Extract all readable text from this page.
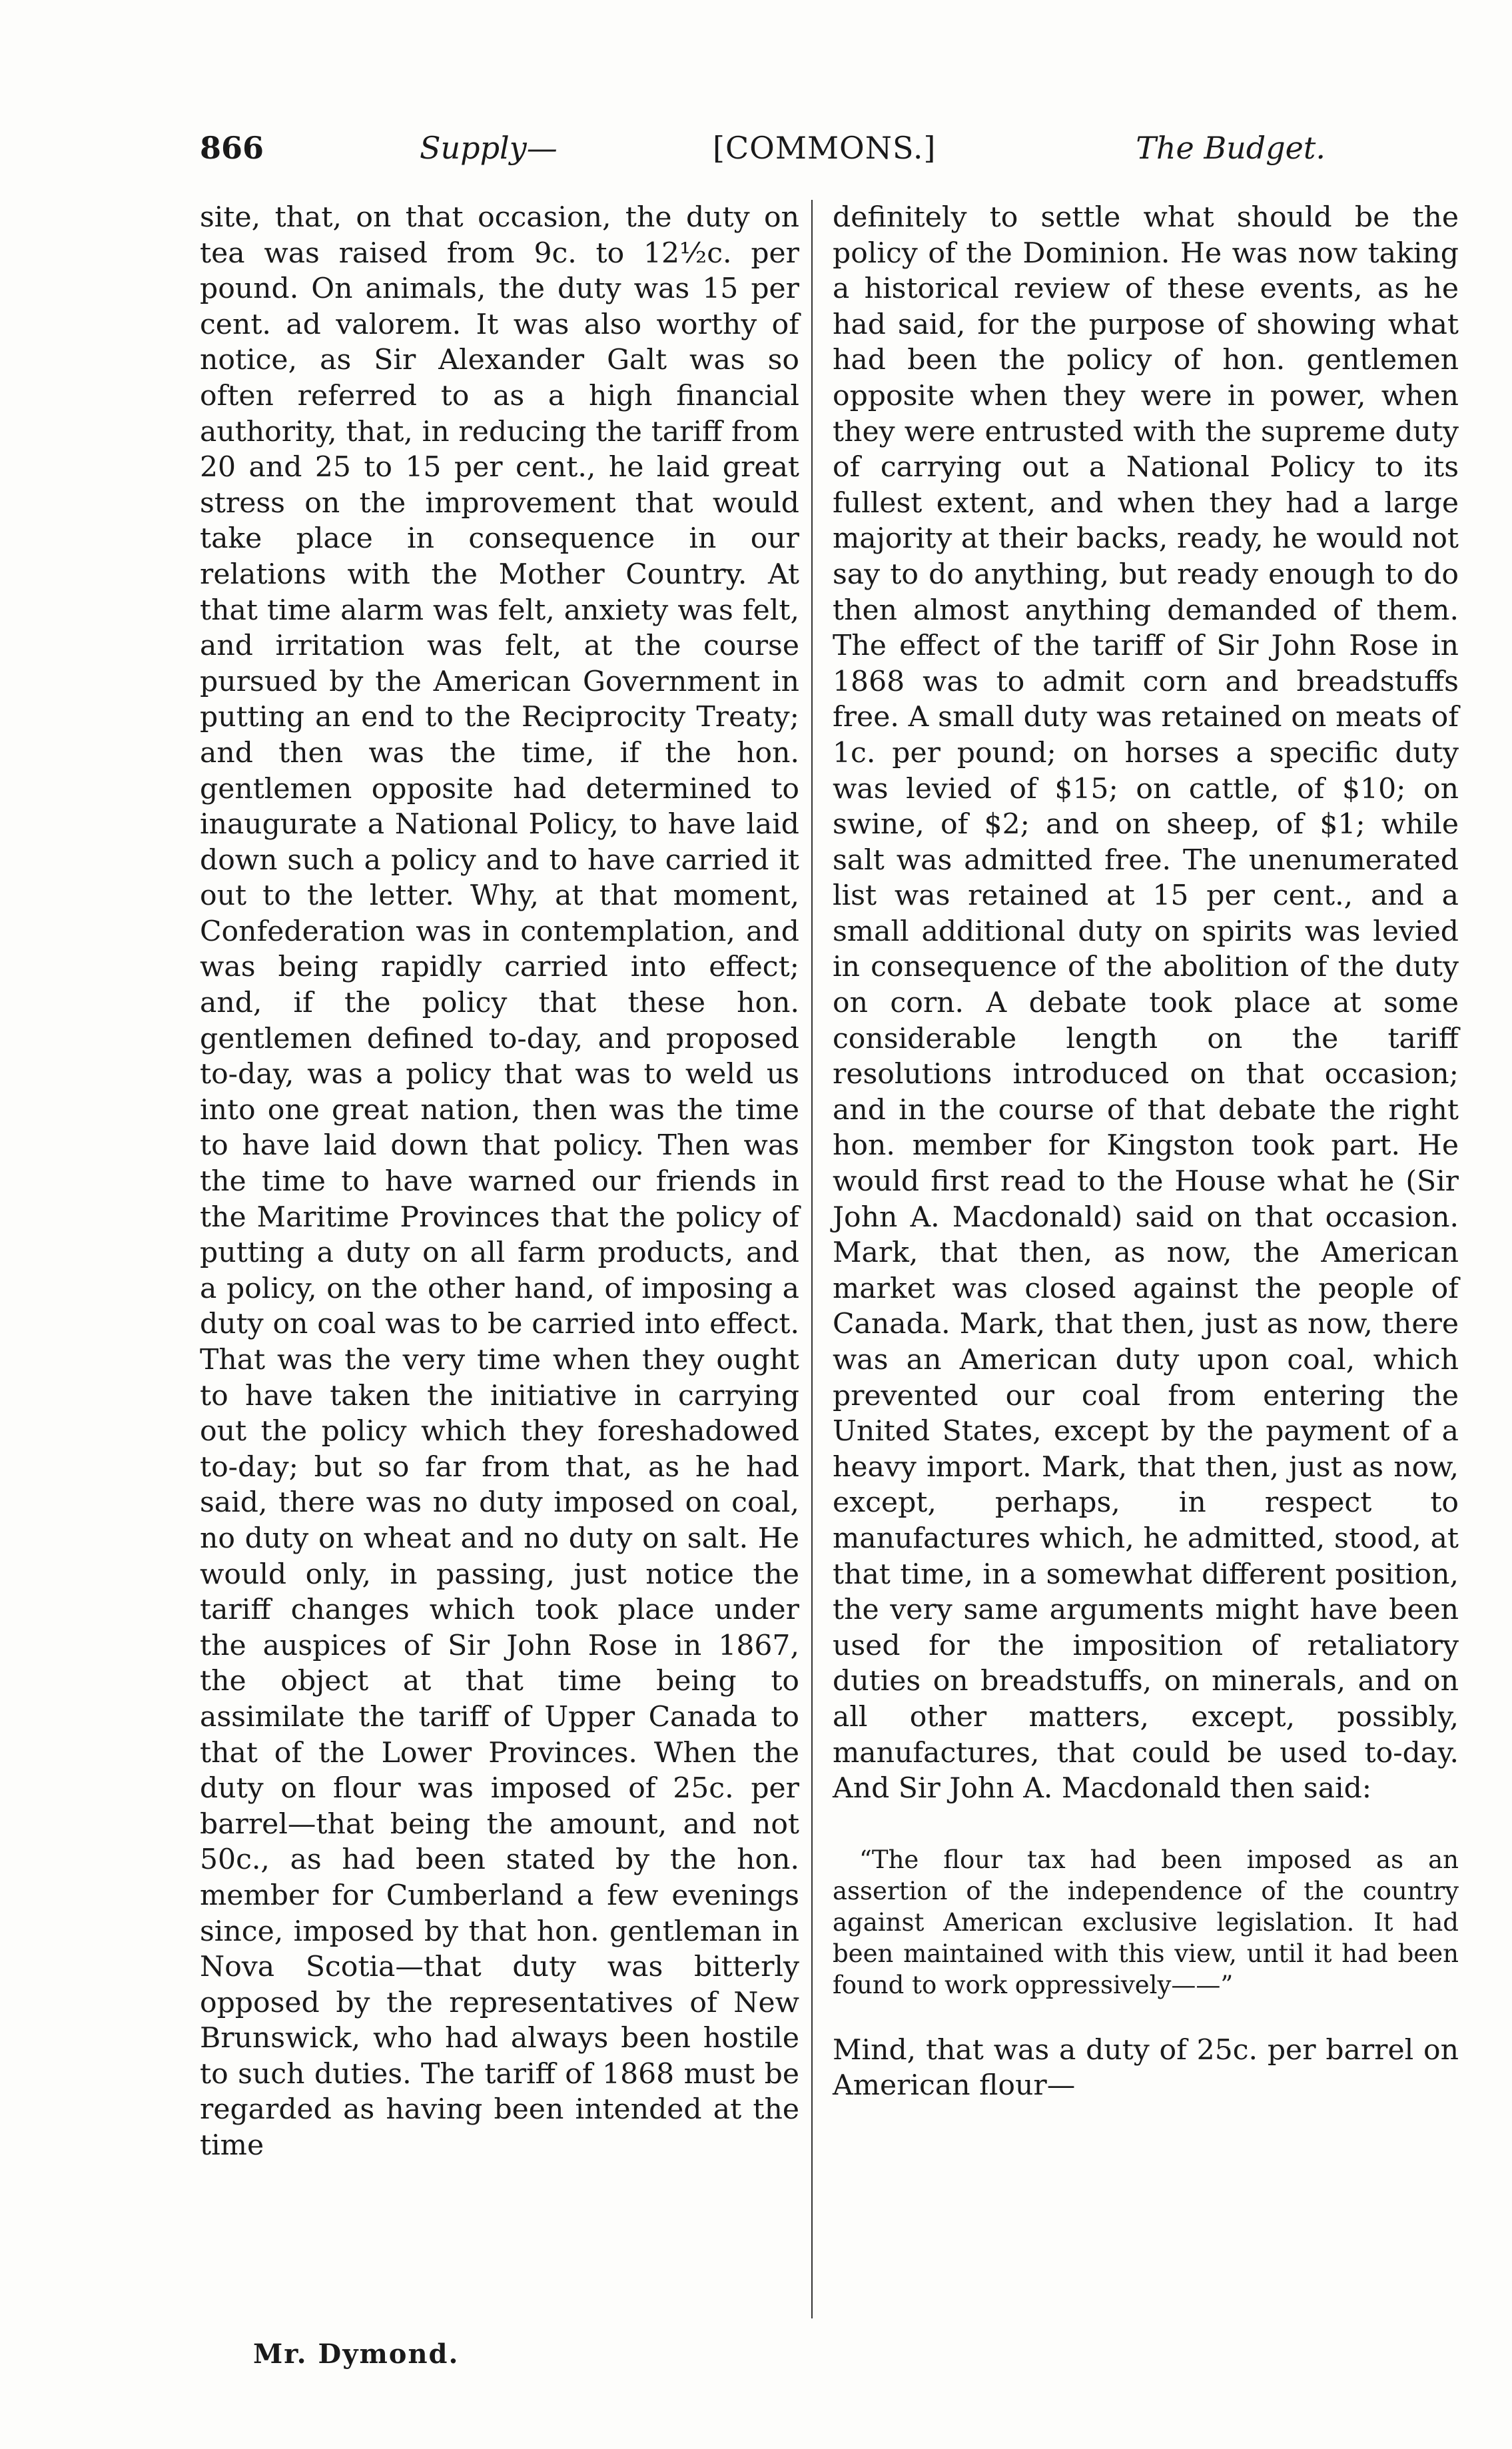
866	Supply—	[COMMONS.]	The Budget.

site, that, on that occasion, the duty on tea was raised from 9c. to 12½c. per pound. On animals, the duty was 15 per cent. ad valorem. It was also worthy of notice, as Sir Alexander Galt was so often referred to as a high financial authority, that, in reducing the tariff from 20 and 25 to 15 per cent., he laid great stress on the improvement that would take place in consequence in our relations with the Mother Country. At that time alarm was felt, anxiety was felt, and irritation was felt, at the course pursued by the American Government in putting an end to the Reciprocity Treaty; and then was the time, if the hon. gentlemen opposite had determined to inaugurate a National Policy, to have laid down such a policy and to have carried it out to the letter. Why, at that moment, Confederation was in contemplation, and was being rapidly carried into effect; and, if the policy that these hon. gentlemen defined to-day, and proposed to-day, was a policy that was to weld us into one great nation, then was the time to have laid down that policy. Then was the time to have warned our friends in the Maritime Provinces that the policy of putting a duty on all farm products, and a policy, on the other hand, of imposing a duty on coal was to be carried into effect. That was the very time when they ought to have taken the initiative in carrying out the policy which they foreshadowed to-day; but so far from that, as he had said, there was no duty imposed on coal, no duty on wheat and no duty on salt. He would only, in passing, just notice the tariff changes which took place under the auspices of Sir John Rose in 1867, the object at that time being to assimilate the tariff of Upper Canada to that of the Lower Provinces. When the duty on flour was imposed of 25c. per barrel—that being the amount, and not 50c., as had been stated by the hon. member for Cumberland a few evenings since, imposed by that hon. gentleman in Nova Scotia—that duty was bitterly opposed by the representatives of New Brunswick, who had always been hostile to such duties. The tariff of 1868 must be regarded as having been intended at the time

definitely to settle what should be the policy of the Dominion. He was now taking a historical review of these events, as he had said, for the purpose of showing what had been the policy of hon. gentlemen opposite when they were in power, when they were entrusted with the supreme duty of carrying out a National Policy to its fullest extent, and when they had a large majority at their backs, ready, he would not say to do anything, but ready enough to do then almost anything demanded of them. The effect of the tariff of Sir John Rose in 1868 was to admit corn and breadstuffs free. A small duty was retained on meats of 1c. per pound; on horses a specific duty was levied of $15; on cattle, of $10; on swine, of $2; and on sheep, of $1; while salt was admitted free. The unenumerated list was retained at 15 per cent., and a small additional duty on spirits was levied in consequence of the abolition of the duty on corn. A debate took place at some considerable length on the tariff resolutions introduced on that occasion; and in the course of that debate the right hon. member for Kingston took part. He would first read to the House what he (Sir John A. Macdonald) said on that occasion. Mark, that then, as now, the American market was closed against the people of Canada. Mark, that then, just as now, there was an American duty upon coal, which prevented our coal from entering the United States, except by the payment of a heavy import. Mark, that then, just as now, except, perhaps, in respect to manufactures which, he admitted, stood, at that time, in a somewhat different position, the very same arguments might have been used for the imposition of retaliatory duties on breadstuffs, on minerals, and on all other matters, except, possibly, manufactures, that could be used to-day. And Sir John A. Macdonald then said:

“The flour tax had been imposed as an assertion of the independence of the country against American exclusive legislation. It had been maintained with this view, until it had been found to work oppressively——”

Mind, that was a duty of 25c. per barrel on American flour—

Mr. Dymond.
